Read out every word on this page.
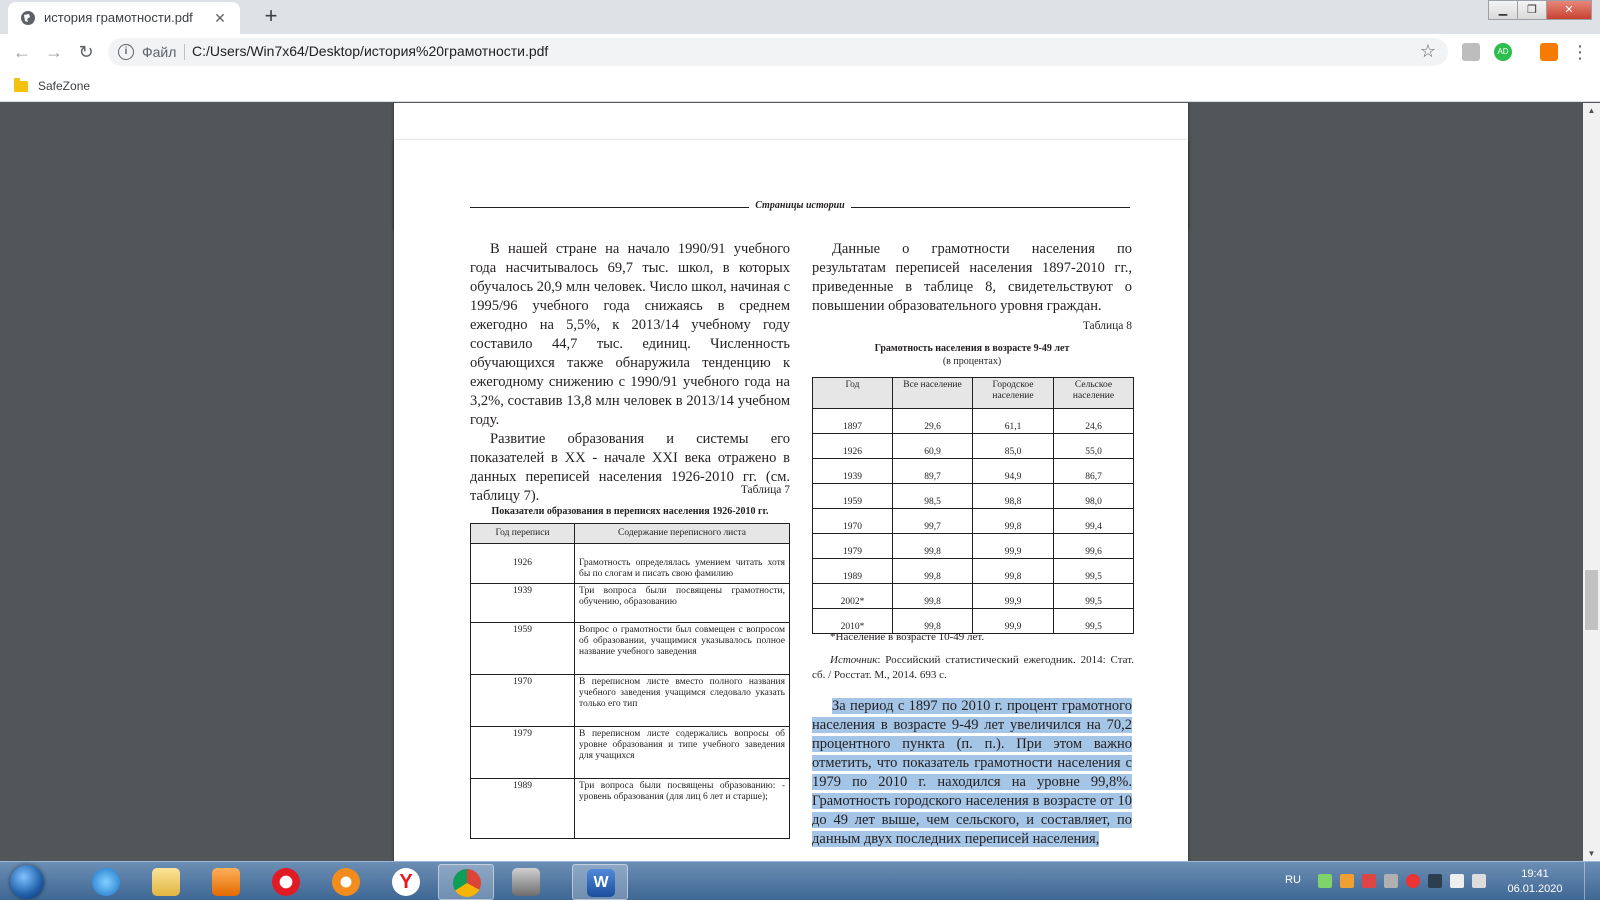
история грамотности.pdf ✕ +	▁	❐	✕
← → ↻	i	Файл C:/Users/Win7x64/Desktop/история%20грамотности.pdf	☆	AD	⋮
SafeZone
Страницы истории

В нашей стране на начало 1990/91 учебного года насчитывалось 69,7 тыс. школ, в которых обучалось 20,9 млн человек. Число школ, начиная с 1995/96 учебного года снижаясь в среднем ежегодно на 5,5%, к 2013/14 учебному году составило 44,7 тыс. единиц. Численность обучающихся также обнаружила тенденцию к ежегодному снижению с 1990/91 учебного года на 3,2%, составив 13,8 млн человек в 2013/14 учебном году.

Развитие образования и системы его показателей в XX - начале XXI века отражено в данных переписей населения 1926-2010 гг. (см. таблицу 7).	Таблица 7
Показатели образования в переписях населения 1926-2010 гг.
Год переписи	Содержание переписного листа
1926	Грамотность определялась умением читать хотя бы по слогам и писать свою фамилию
1939	Три вопроса были посвящены грамотности, обучению, образованию
1959	Вопрос о грамотности был совмещен с вопросом об образовании, учащимися указывалось полное название учебного заведения
1970	В переписном листе вместо полного названия учебного заведения учащимся следовало указать только его тип
1979	В переписном листе содержались вопросы об уровне образования и типе учебного заведения для учащихся
1989	Три вопроса были посвящены образованию: - уровень образования (для лиц 6 лет и старше);

Данные о грамотности населения по результатам переписей населения 1897-2010 гг., приведенные в таблице 8, свидетельствуют о повышении образовательного уровня граждан.

Таблица 8
Грамотность населения в возрасте 9-49 лет
(в процентах)
Год	Все население	Городское население	Сельское население
1897	29,6	61,1	24,6
1926	60,9	85,0	55,0
1939	89,7	94,9	86,7
1959	98,5	98,8	98,0
1970	99,7	99,8	99,4
1979	99,8	99,9	99,6
1989	99,8	99,8	99,5
2002*	99,8	99,9	99,5
2010*	99,8	99,9	99,5
*Население в возрасте 10-49 лет.
Источник: Российский статистический ежегодник. 2014: Стат. сб. / Росстат. М., 2014. 693 с.

За период с 1897 по 2010 г. процент грамотного населения в возрасте 9-49 лет увеличился на 70,2 процентного пункта (п. п.). При этом важно отметить, что показатель грамотности населения с 1979 по 2010 г. находился на уровне 99,8%. Грамотность городского населения в возрасте от 10 до 49 лет выше, чем сельского, и составляет, по данным двух последних переписей населения,

▲
▼
Y	W	RU	19:41
06.01.2020
